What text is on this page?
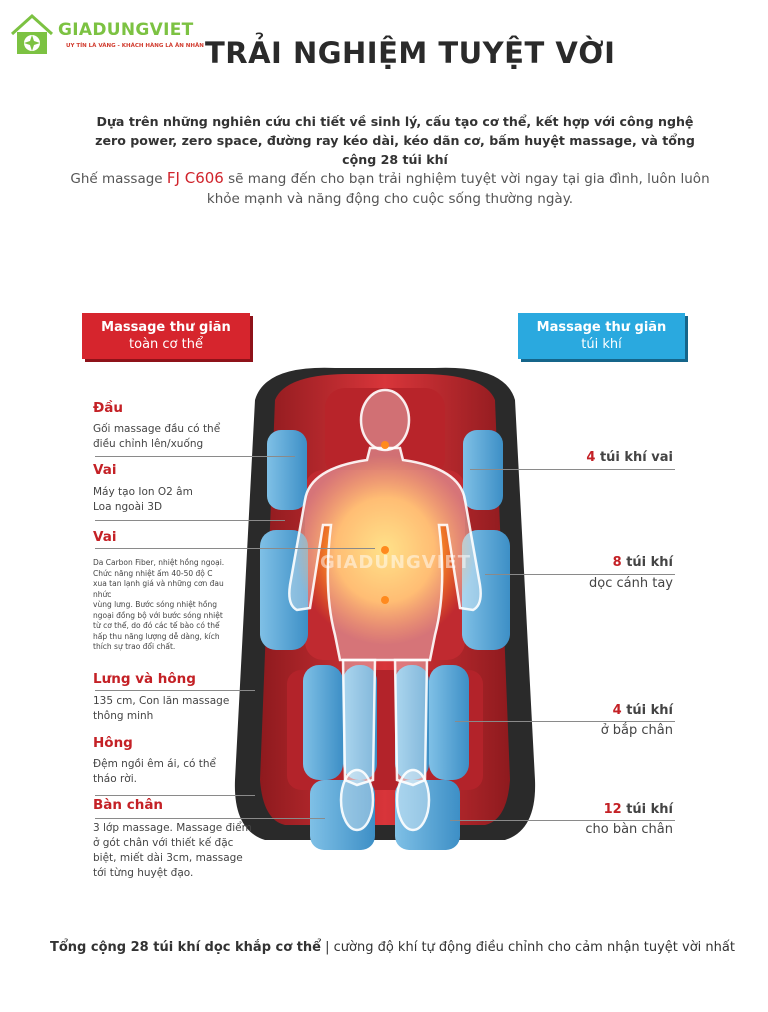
GIADUNGVIET
UY TÍN LÀ VÀNG - KHÁCH HÀNG LÀ ÂN NHÂN TRẢI NGHIỆM TUYỆT VỜI
Dựa trên những nghiên cứu chi tiết về sinh lý, cấu tạo cơ thể, kết hợp với công nghệ zero power, zero space, đường ray kéo dài, kéo dãn cơ, bấm huyệt massage, và tổng cộng 28 túi khí
Ghế massage FJ C606 sẽ mang đến cho bạn trải nghiệm tuyệt vời ngay tại gia đình, luôn luôn khỏe mạnh và năng động cho cuộc sống thường ngày.
Massage thư giãn
toàn cơ thể
Massage thư giãn
túi khí
GIADUNGVIET
Đầu
Gối massage đầu có thể
điều chỉnh lên/xuống
Vai
Máy tạo Ion O2 âm
Loa ngoài 3D
Vai
Da Carbon Fiber, nhiệt hồng ngoại.
Chức năng nhiệt ấm 40-50 độ C
xua tan lạnh giá và những cơn đau
nhức
vùng lưng. Bước sóng nhiệt hồng
ngoại đồng bộ với bước sóng nhiệt
từ cơ thể, do đó các tế bào có thể
hấp thu năng lượng dễ dàng, kích
thích sự trao đổi chất.
Lưng và hông
135 cm, Con lăn massage
thông minh
Hông
Đệm ngồi êm ái, có thể
tháo rời.
Bàn chân
3 lớp massage. Massage điểm
ở gót chân với thiết kế đặc
biệt, miết dài 3cm, massage
tới từng huyệt đạo.
4 túi khí vai
8 túi khí
dọc cánh tay
4 túi khí
ở bắp chân
12 túi khí
cho bàn chân
Tổng cộng 28 túi khí dọc khắp cơ thể | cường độ khí tự động điều chỉnh cho cảm nhận tuyệt vời nhất
